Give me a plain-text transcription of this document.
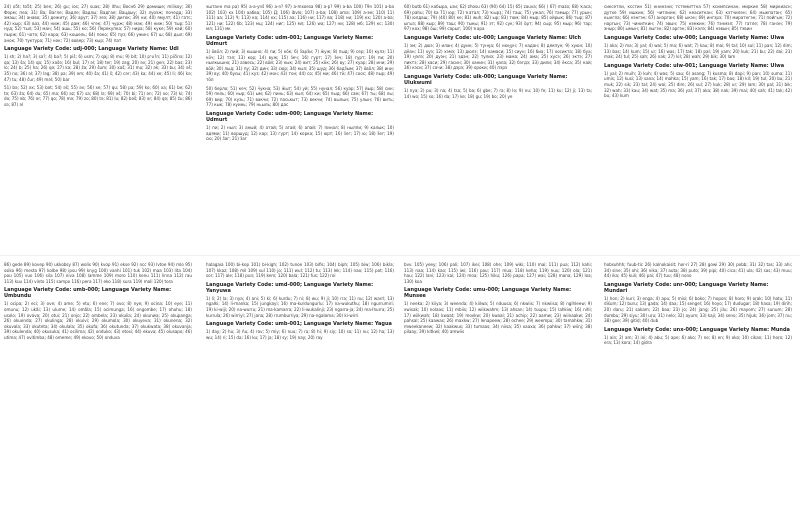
24) o5t; to5t; 25) ben; 26) gu; ios; 27) suas; 28) ithu; Воснб 29) домише; milisoy; 30) Форм; пеа; 31) Ва; Вагле; Вадле; Вадлы; Вадгае; Вацдыу; 32) луоэж; почедд; 33) эмаш; 34) анаво; 35) дежиту; 36) арут; 37) зеэ; 38) дигок; 39) ни; 40) ямулт; 41) гатс; 42) кыр; 43) ваз, 44) ниж; 45) дам; 46) чгек; 47) чурж; 48) мак; 49) ниж; 50) тыр; 51) нуд; 52) тыл; 53) ман; 54) ашь; 55) ко; 56) Лерекупка; 57) нира; 58) куке; 59) кай; 60) пырж; 61) чото; 62) кара; 63) кошель; 64) поко; 65) пуз; 66) ужин; 67) ш; 68) дыл; 69) анок; 70) туктура; 71) нок; 72) вовер; 73) кыр; 74) пат
Language Variety Code: udj-000; Language Variety Name: Udi
1) sh; 2) ha?; 3) sa?; 4) ba?; 5) piš; 6) usm; 7) qaj; 8) mu; 9) bit; 10) pʰu?n; 11) pičinǝ; 12) qa; 13) ša; 14) qa; 15) xašǝ; 16) bul; 17) ǝl; 18) ter; 19) zǝg; 20) ǝv; 21) gen; 22) bas; 23) lo; 24) b; 25) ha; 26) qǝ; 27) ka; 28) ža; 29) šum; 30) xaš; 31) mu; 32) ǝk; 33) bu; 34) ǝš; 35) no; 36) ǝl; 37) lǝg; 38) pa; 39) ǝm; 40) ša; 41) š; 42) cǝr; 43) ka; 44) xe; 45) li; 46) kǝ; 47) tu; 48) čur; 49) mǝl; 50) bar
51) bǝ; 52) ǝx; 53) bǝt; 54) ǝš; 55) ǝv; 56) xe; 57) qu; 58) pa; 59) ko; 60) xa; 61) be; 62) tǝ; 63) ža; 64) du; 65) ma; 66) ǝz; 67) sa; 68) lǝ; 69) ǝš; 70) bi; 71) ǝn; 72) xo; 73) ki; 74) do; 75) ǝb; 76) ǝr; 77) qo; 78) mǝ; 79) zo; 80) tǝ; 81) lu; 82) bǝš; 83) ǝr; 84) qǝ; 85) žu; 86) sǝ; 87) ǝl
эштанн ma pa) 95) а-а-ynš 96) a-n? 97) a-mxoesa 98) a-p? 99) a-ba 100) Γ9n 101) a-ba 102) 103) кх 104) аабва; 105) Д; 106) ibvlo; 107) a-ba; 108) ama; 109) a-эм; 110) 11) 111) aa; 112) Ч; 113) ка; 114) кх; 115) аа; 116) ни; 117) ва; 118) ни; 119) кх; 120) a-ba; 121) ни; 122) бb; 123) мц; 124) ниг; 125) мл; 126) wa; 127) ни; 128) мб; 129) кс; 130) мл; 131) мк
Language Variety Code: udm-001; Language Variety Name: Udmurt
1) ӧвӧл; 2) пий; 3) кышно; 4) пи; 5) кӧк; 6) ӟарӟи; 7) ӝуж; 8) пыд; 9) сер; 10) кулэ; 11) кӧч; 12) тэл; 13) кор; 14) вуж; 15) ӟеч; 16) гурт; 17) ӟеч; 18) гурт; 19) пи; 20) нылкышно; 21) азвесь; 22) вӧй; 23) кык; 24) вит; 25) кӧк; 26) ву; 27) куар; 28) ини; 29) вӧй; 30) лыд; 31) пу; 32) дин; 33) сюр; 34) кыл; 35) шуд; 36) бадӟым; 37) ӧвӧл; 38) ини; 39) ву; 40) бусы; 41) куз; 42) мон; 43) тон; 44) со; 45) ми; 46) тӥ; 47) соос; 48) пыр; 49) тӧл
50) берло; 51) кеч; 52) ӵукна; 53) ӝыт; 54) уй; 55) нунал; 56) куар; 57) йыр; 58) син; 59) пель; 60) ныр; 61) ым; 62) пинь; 63) кыл; 64) ки; 65) пыд; 66) сам; 67) ты; 68) лы; 69) вир; 70) кузь; 71) вакчи; 72) паськыт; 73) векчи; 74) вылын; 75) улын; 76) вить; 77) кык; 78) куинь; 79) ньыль; 80) дас
Language Variety Code: udm-000; Language Variety Name: Udmurt
1) пи; 2) ныл; 3) аный; 4) атай; 5) агай; 6) апай; 7) пинал; 8) нылпи; 9) калык; 10) адями; 11) воршуд; 12) кар; 13) гурт; 14) корка; 15) юрт; 16) ӟег; 17) ю; 18) ӟег; 19) сю; 20) ӟаг; 21) ӟаг
60) butb 61) кабыра, ьзи; 62) zhosu 63) (90) 64) 15) 65) zauva; 66) ) 67) mazo; 68) ҡаса; 69) pahu; 70) ka 71) юр; 72) ҡатал; 73) ҡырҙ; 74) таш; 75) ужал; 76) тамыр; 77) урын; 78) юлдаш; 79) (40) 80) ке; 81) wuh; 82) ыр; 83) тюм; 84) мыр; 85) ойрык; 86) тыр; 87) ыгыз; 88) кыр; 89) таш; 90) тыкы; 91) эт; 92) сук; 93) ӧрт; 94) сыр; 95) мыр; 96) тар; 97) кох; 98) ӧш; 99) сарыг; 100) ҡара
Language Variety Code: ulc-000; Language Variety Name: Ulch
1) эм; 2) дюэ; 3) илан; 4) дуин; 5) тунӈа; 6) нюӈун; 7) надан; 8) дякпун; 9) хуюн; 10) дёан; 11) хуэ; 12) хэмэ; 13) дюлэ; 14) хамаси; 15) сиун; 16) биа; 17) хосикта; 18) буа; 19) ӈэлэ; 20) дуэн; 21) эдэн; 22) тулиэ; 23) мама; 24) ама; 25) хусэ; 26) эктэ; 27) пиктэ; 28) хаси; 29) гасин; 30) ханин; 31) ӈала; 32) бэгдэ; 33) дили; 34) ёкса; 35) най; 36) кэси; 37) сачи; 38) дэрэ; 39) ороки; 40) пэрэ
Language Variety Code: ulk-000; Language Variety Name: Ulukwumi
1) nya; 2) pu; 3) na; 4) tsa; 5) ba; 6) gbe; 7) ra; 8) lo; 9) nu; 10) fe; 11) ku; 12) ji; 13) ta; 14) wo; 15) so; 16) da; 17) ke; 18) gu; 19) bo; 20) ye
сиксетли, ксстин 51) книнзни; тстемиттна 57) ксимпсинан, миркие 58) миркиасн; дутхе 59) ишкин; 56) читлиин; 62) кеаситкан; 63) кэтчилен; 64) мыкпатан; 65) кынгла; 66) нэнгэн; 67) анэрган; 68) ыкэн; 69) ингэрэ; 70) миратнгэн; 71) пойгын; 72) наргын; 73) чиниткин; 74) эвын; 75) нэмкин; 76) тэнмэл; 77) гатле; 78) ганэн; 79) эныр; 80) ымын; 81) лыгэн; 82) аргэн; 83) кэлэ; 84) нэвын; 85) тэвин
Language Variety Code: ulw-000; Language Variety Name: Ulwa
1) aka; 2) ma; 3) yal; 4) wai; 5) ma; 6) wat; 7) kau; 8) mai; 9) tal; 10) sul; 11) pan; 12) dim; 13) bas; 14) kum; 15) ur; 16) was; 17) tak; 18) pal; 19) yam; 20) kuk; 21) bu; 22) dai; 23) mak; 24) tul; 25) sah; 26) nak; 27) kil; 28) wah; 29) bik; 30) lam
Language Variety Code: ulw-001; Language Variety Name: Ulwa
1) yal; 2) muih; 3) kuh; 4) was; 5) sau; 6) asang; 7) kusma; 8) dapi; 9) pan; 10) suma; 11) umis; 12) kusi; 13) sana; 14) mahka; 15) yam; 16) tak; 17) bas; 18) kil; 19) tul; 20) bu; 21) muk; 22) sik; 23) tal; 24) wai; 25) dim; 26) sul; 27) kuk; 28) ur; 29) lam; 30) pal; 31) bik; 32) wah; 33) kau; 34) wat; 35) ma; 36) yal; 37) aka; 38) nak; 39) mai; 40) sah; 41) tak; 42) bu; 43) kum
86) gede 89) kovep 90) ukkobsy 87) wolis 90) kvop 91) ekse 92) ncc 93) lvtoe 94) mlo 95) ssiko 96) mesta 97) kolbe 98) ipsu 99) knyg 100) vanhi 101) tuk 102) maa 103) lita 104) pou 105) vuo 106) sila 107) niva 108) lamme 109) moro 110) kenu 111) linna 112) rau 113) kuu 114) vinto 115) sampo 116) pera 117) eko 118) sura 119) mali 120) tora
Language Variety Code: umb-000; Language Variety Name: Umbundu
1) ocipa; 2) eci; 3) ove; 4) ame; 5) etu; 6) ene; 7) ovo; 8) nye; 9) ocina; 10) eye; 11) omunu; 12) ukãi; 13) ulume; 14) omãla; 15) ocimunga; 16) ongombe; 17) ohuhu; 18) usolo; 19) ovava; 20) otui; 21) onjo; 22) ombela; 23) okulia; 24) okunwa; 25) okupanga; 26) okuenda; 27) okulinga; 28) okuivi; 29) okumola; 30) okuyeva; 31) okunena; 32) okuvala; 33) okuteta; 34) okulala; 35) okufa; 36) okutunda; 37) okukwata; 38) okuvanja; 39) okulenda; 40) okusuka; 41) ocilima; 42) onduko; 43) etosi; 44) ekuva; 45) olusapo; 46) utima; 47) ovitimba; 48) omeme; 49) ekovo; 50) onduva
halagaia 100) bi-kop 101) bi-kigh; 102) tunoe 103) bifis; 104) biph; 105) biw; 106) bikla; 107) kkaz; 108) mil 109) sul 110) jo; 111) wul; 112) tu; 113) lek; 114) nao; 115) pot; 116) sor; 117) ale; 118) pun; 119) kem; 120) bala; 121) fus; 122) roi
Language Variety Code: umd-000; Language Variety Name: Yanyuwa
1) li; 2) la; 3) nya; 4) ani; 5) ki; 6) kurdu; 7) ni; 8) wu; 9) ji; 10) rra; 11) nu; 12) warrl; 13) ngalki; 14) li-manka; 15) jungkayi; 16) ma-kurdungurlu; 17) na-wukuthu; 18) ngurrumiri; 19) ki-wiji; 20) na-wurru; 21) ma-kamarra; 22) li-wukalinji; 23) ngarra-ja; 24) ma-lhurra; 25) kurrula; 26) wirriyi; 27) jana; 28) rrumburriya; 29) na-ngalama; 30) ki-wirri
Language Variety Code: umb-001; Language Variety Name: Yagua
1) day; 2) hu; 3) ñu; 4) rav; 5) miy; 6) nuu; 7) ra; 8) hi; 9) siy; 10) sa; 11) nu; 12) ha; 13) wu; 14) ri; 15) da; 16) ku; 17) ja; 18) sy; 19) nay; 20) ray
bvv. 105) yeey; 106) pali; 107) ikei; 108) ohe; 109) wiki; 110) mai; 111) pua; 112) kahi; 113) naa; 114) kao; 115) iwi; 116) pau; 117) mua; 118) keha; 119) nuu; 120) ola; 121) hau; 122) lani; 123) kai; 124) moa; 125) hiku; 126) papa; 127) wai; 128) mana; 129) loa; 130) koa
Language Variety Code: umu-000; Language Variety Name: Munsee
1) neeka; 2) kiiya; 3) weenda; 4) kiilwa; 5) nduusa; 6) nkwiis; 7) nkwiisa; 8) ngihleew; 9) xwisak; 10) nolaas; 11) mbiis; 12) wiikwahm; 13) ahsan; 14) tuupu; 15) lahkiw; 16) nihl; 17) wiikwah; 18) kwaat; 19) moxkw; 20) kwaal; 21) achip; 22) aamw; 23) wiinaakw; 24) pahsal; 25) kaawas; 26) maxkw; 27) lenapeew; 28) ochee; 29) weempu; 30) tamahkw; 31) mweekaneew; 32) kaakwus; 33) tumaas; 34) niisa; 35) xaaxa; 36) pahkw; 37) wiinj; 38) pilaay; 39) kitkwi; 40) amwiis
hobsuhhh; fuub-tic 26) kalnokaisit; hor-ri 27) 28) gowi 29) 30) pobb; 31) 32) tas; 33) ahi; 34) sine; 35) ohi; 36) nika; 37) auta; 38) puto; 39) pipi; 40) cica; 41) ula; 42) sas; 43) muu; 44) ika; 45) kuli; 46) pai; 47) tuu; 48) nono
Language Variety Code: unr-000; Language Variety Name: Mundari
1) hon; 2) kuri; 3) enga; 4) apu; 5) misi; 6) boko; 7) hopon; 8) horo; 9) oṛak; 10) hatu; 11) diśum; 12) buru; 13) gaḍa; 14) ḍaa; 15) sengel; 16) hoyo; 17) dudugar; 18) hasa; 19) dirih; 20) daru; 21) sakam; 22) baa; 23) jo; 24) jang; 25) jilu; 26) mayom; 27) sunum; 28) dumbu; 29) siyu; 30) uṛu; 31) nelo; 32) ayum; 33) kaji; 34) seno; 35) hijuk; 36) jom; 37) nu; 38) goe; 39) gitiḍ; 40) dub
Language Variety Code: unx-000; Language Variety Name: Munda
1) ain; 2) am; 3) ini; 4) abu; 5) ape; 6) ako; 7) ne; 8) en; 9) oko; 10) cikan; 11) hoṛo; 12) era; 13) kora; 14) gidra
